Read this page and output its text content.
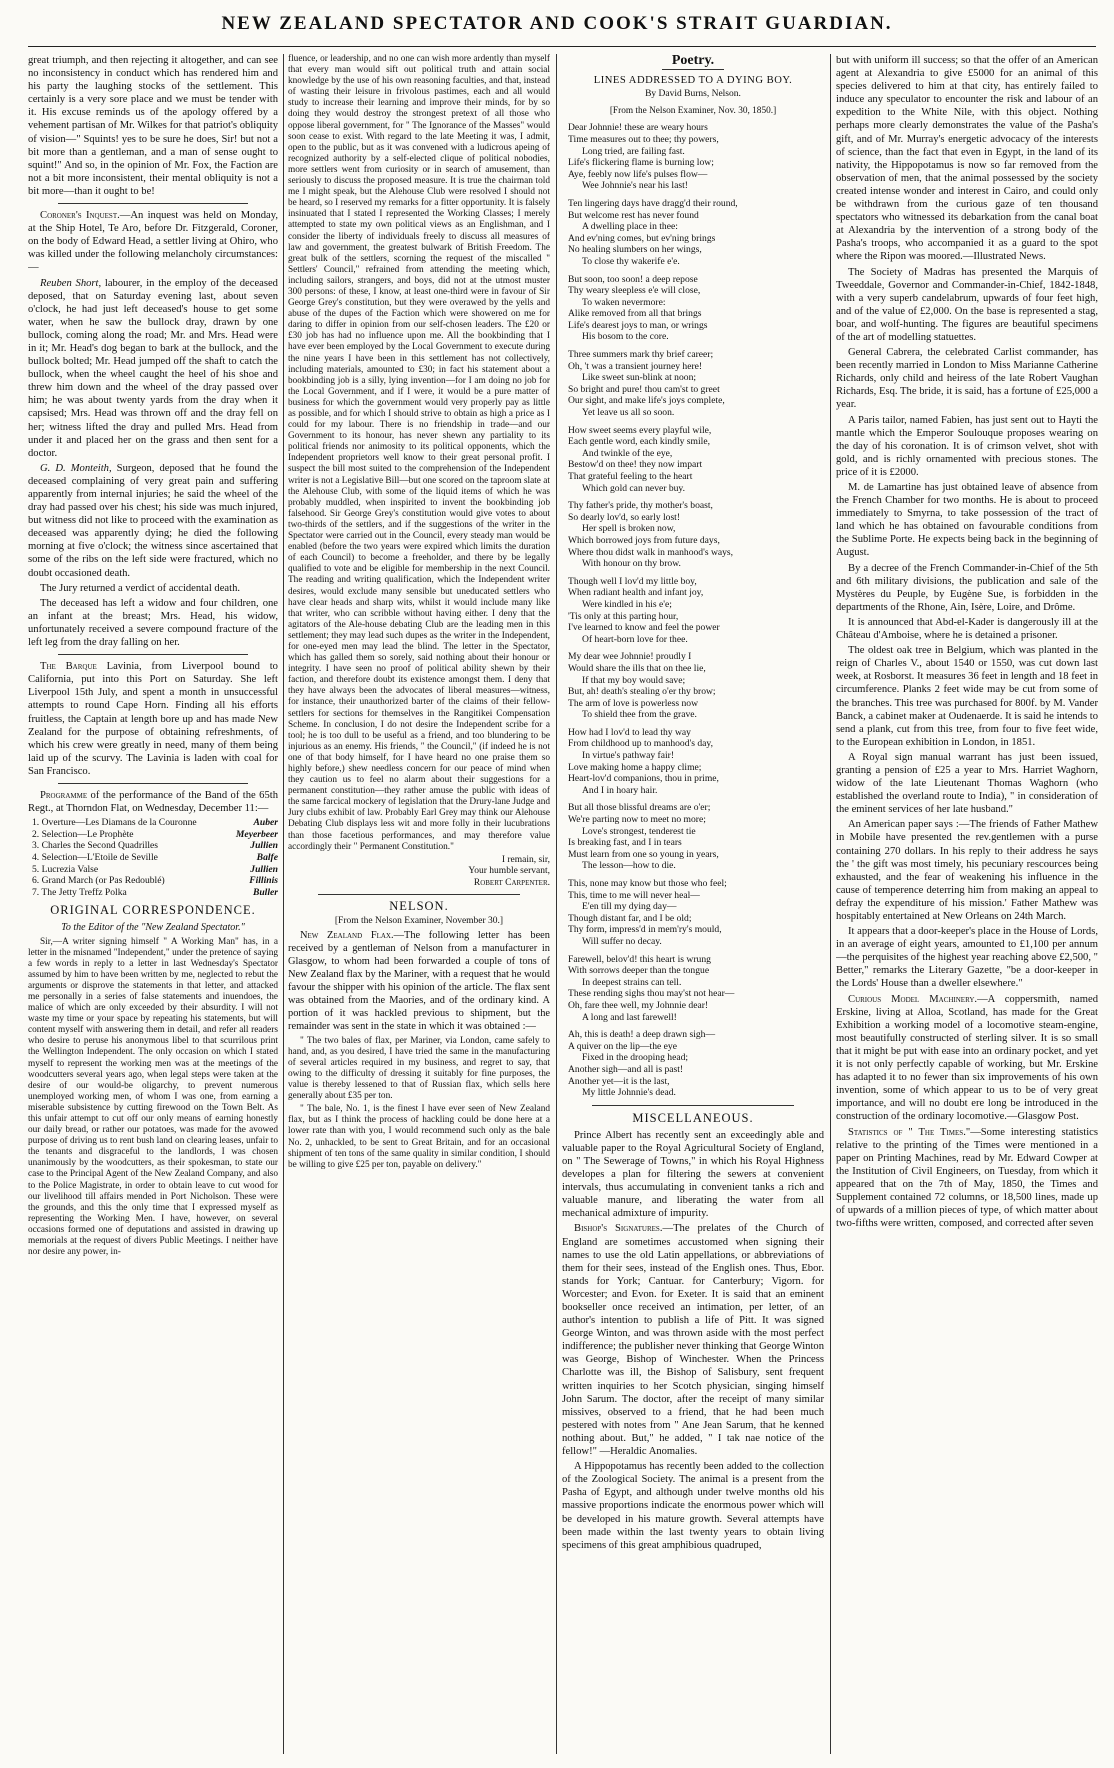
NEW ZEALAND SPECTATOR AND COOK'S STRAIT GUARDIAN.

great triumph, and then rejecting it altogether, and can see no inconsistency in conduct which has rendered him and his party the laughing stocks of the settlement. This certainly is a very sore place and we must be tender with it. His excuse reminds us of the apology offered by a vehement partisan of Mr. Wilkes for that patriot's obliquity of vision—" Squints! yes to be sure he does, Sir! but not a bit more than a gentleman, and a man of sense ought to squint!" And so, in the opinion of Mr. Fox, the Faction are not a bit more inconsistent, their mental obliquity is not a bit more—than it ought to be!

Coroner's Inquest.—An inquest was held on Monday, at the Ship Hotel, Te Aro, before Dr. Fitzgerald, Coroner, on the body of Edward Head, a settler living at Ohiro, who was killed under the following melancholy circumstances:—

Reuben Short, labourer, in the employ of the deceased deposed, that on Saturday evening last, about seven o'clock, he had just left deceased's house to get some water, when he saw the bullock dray, drawn by one bullock, coming along the road; Mr. and Mrs. Head were in it; Mr. Head's dog began to bark at the bullock, and the bullock bolted; Mr. Head jumped off the shaft to catch the bullock, when the wheel caught the heel of his shoe and threw him down and the wheel of the dray passed over him; he was about twenty yards from the dray when it capsised; Mrs. Head was thrown off and the dray fell on her; witness lifted the dray and pulled Mrs. Head from under it and placed her on the grass and then sent for a doctor.

G. D. Monteith, Surgeon, deposed that he found the deceased complaining of very great pain and suffering apparently from internal injuries; he said the wheel of the dray had passed over his chest; his side was much injured, but witness did not like to proceed with the examination as deceased was apparently dying; he died the following morning at five o'clock; the witness since ascertained that some of the ribs on the left side were fractured, which no doubt occasioned death.

The Jury returned a verdict of accidental death.

The deceased has left a widow and four children, one an infant at the breast; Mrs. Head, his widow, unfortunately received a severe compound fracture of the left leg from the dray falling on her.

The Barque Lavinia, from Liverpool bound to California, put into this Port on Saturday. She left Liverpool 15th July, and spent a month in unsuccessful attempts to round Cape Horn. Finding all his efforts fruitless, the Captain at length bore up and has made New Zealand for the purpose of obtaining refreshments, of which his crew were greatly in need, many of them being laid up of the scurvy. The Lavinia is laden with coal for San Francisco.

Programme of the performance of the Band of the 65th Regt., at Thorndon Flat, on Wednesday, December 11:—

1. Overture—Les Diamans de la Couronne	Auber
2. Selection—Le Prophète	Meyerbeer
3. Charles the Second Quadrilles	Jullien
4. Selection—L'Etoile de Seville	Balfe
5. Lucrezia Valse	Jullien
6. Grand March (or Pas Redoublé)	Fillinis
7. The Jetty Treffz Polka	Buller
ORIGINAL CORRESPONDENCE.
To the Editor of the "New Zealand Spectator."

Sir,—A writer signing himself " A Working Man" has, in a letter in the misnamed "Independent," under the pretence of saying a few words in reply to a letter in last Wednesday's Spectator assumed by him to have been written by me, neglected to rebut the arguments or disprove the statements in that letter, and attacked me personally in a series of false statements and inuendoes, the malice of which are only exceeded by their absurdity. I will not waste my time or your space by repeating his statements, but will content myself with answering them in detail, and refer all readers who desire to peruse his anonymous libel to that scurrilous print the Wellington Independent. The only occasion on which I stated myself to represent the working men was at the meetings of the woodcutters several years ago, when legal steps were taken at the desire of our would-be oligarchy, to prevent numerous unemployed working men, of whom I was one, from earning a miserable subsistence by cutting firewood on the Town Belt. As this unfair attempt to cut off our only means of earning honestly our daily bread, or rather our potatoes, was made for the avowed purpose of driving us to rent bush land on clearing leases, unfair to the tenants and disgraceful to the landlords, I was chosen unanimously by the woodcutters, as their spokesman, to state our case to the Principal Agent of the New Zealand Company, and also to the Police Magistrate, in order to obtain leave to cut wood for our livelihood till affairs mended in Port Nicholson. These were the grounds, and this the only time that I expressed myself as representing the Working Men. I have, however, on several occasions formed one of deputations and assisted in drawing up memorials at the request of divers Public Meetings. I neither have nor desire any power, in-

fluence, or leadership, and no one can wish more ardently than myself that every man would sift out political truth and attain social knowledge by the use of his own reasoning faculties, and that, instead of wasting their leisure in frivolous pastimes, each and all would study to increase their learning and improve their minds, for by so doing they would destroy the strongest pretext of all those who oppose liberal government, for " The Ignorance of the Masses" would soon cease to exist. With regard to the late Meeting it was, I admit, open to the public, but as it was convened with a ludicrous apeing of recognized authority by a self-elected clique of political nobodies, more settlers went from curiosity or in search of amusement, than seriously to discuss the proposed measure. It is true the chairman told me I might speak, but the Alehouse Club were resolved I should not be heard, so I reserved my remarks for a fitter opportunity. It is falsely insinuated that I stated I represented the Working Classes; I merely attempted to state my own political views as an Englishman, and I consider the liberty of individuals freely to discuss all measures of law and government, the greatest bulwark of British Freedom. The great bulk of the settlers, scorning the request of the miscalled " Settlers' Council," refrained from attending the meeting which, including sailors, strangers, and boys, did not at the utmost muster 300 persons: of these, I know, at least one-third were in favour of Sir George Grey's constitution, but they were overawed by the yells and abuse of the dupes of the Faction which were showered on me for daring to differ in opinion from our self-chosen leaders. The £20 or £30 job has had no influence upon me. All the bookbinding that I have ever been employed by the Local Government to execute during the nine years I have been in this settlement has not collectively, including materials, amounted to £30; in fact his statement about a bookbinding job is a silly, lying invention—for I am doing no job for the Local Government, and if I were, it would be a pure matter of business for which the government would very properly pay as little as possible, and for which I should strive to obtain as high a price as I could for my labour. There is no friendship in trade—and our Government to its honour, has never shewn any partiality to its political friends nor animosity to its political opponents, which the Independent proprietors well know to their great personal profit. I suspect the bill most suited to the comprehension of the Independent writer is not a Legislative Bill—but one scored on the taproom slate at the Alehouse Club, with some of the liquid items of which he was probably muddled, when inspirited to invent the bookbinding job falsehood. Sir George Grey's constitution would give votes to about two-thirds of the settlers, and if the suggestions of the writer in the Spectator were carried out in the Council, every steady man would be enabled (before the two years were expired which limits the duration of each Council) to become a freeholder, and there by be legally qualified to vote and be eligible for membership in the next Council. The reading and writing qualification, which the Independent writer desires, would exclude many sensible but uneducated settlers who have clear heads and sharp wits, whilst it would include many like that writer, who can scribble without having either. I deny that the agitators of the Ale-house debating Club are the leading men in this settlement; they may lead such dupes as the writer in the Independent, for one-eyed men may lead the blind. The letter in the Spectator, which has galled them so sorely, said nothing about their honour or integrity. I have seen no proof of political ability shewn by their faction, and therefore doubt its existence amongst them. I deny that they have always been the advocates of liberal measures—witness, for instance, their unauthorized barter of the claims of their fellow-settlers for sections for themselves in the Rangitikei Compensation Scheme. In conclusion, I do not desire the Independent scribe for a tool; he is too dull to be useful as a friend, and too blundering to be injurious as an enemy. His friends, " the Council," (if indeed he is not one of that body himself, for I have heard no one praise them so highly before,) shew needless concern for our peace of mind when they caution us to feel no alarm about their suggestions for a permanent constitution—they rather amuse the public with ideas of the same farcical mockery of legislation that the Drury-lane Judge and Jury clubs exhibit of law. Probably Earl Grey may think our Alehouse Debating Club displays less wit and more folly in their lucubrations than those facetious performances, and may therefore value accordingly their " Permanent Constitution."

I remain, sir,
Your humble servant,
Robert Carpenter.
NELSON.
[From the Nelson Examiner, November 30.]

New Zealand Flax.—The following letter has been received by a gentleman of Nelson from a manufacturer in Glasgow, to whom had been forwarded a couple of tons of New Zealand flax by the Mariner, with a request that he would favour the shipper with his opinion of the article. The flax sent was obtained from the Maories, and of the ordinary kind. A portion of it was hackled previous to shipment, but the remainder was sent in the state in which it was obtained :—

" The two bales of flax, per Mariner, via London, came safely to hand, and, as you desired, I have tried the same in the manufacturing of several articles required in my business, and regret to say, that owing to the difficulty of dressing it suitably for fine purposes, the value is thereby lessened to that of Russian flax, which sells here generally about £35 per ton.

" The bale, No. 1, is the finest I have ever seen of New Zealand flax, but as I think the process of hackling could be done here at a lower rate than with you, I would recommend such only as the bale No. 2, unhackled, to be sent to Great Britain, and for an occasional shipment of ten tons of the same quality in similar condition, I should be willing to give £25 per ton, payable on delivery."

Poetry.
LINES ADDRESSED TO A DYING BOY.
By David Burns, Nelson.
[From the Nelson Examiner, Nov. 30, 1850.]
Dear Johnnie! these are weary hours
Time measures out to thee; thy powers,
Long tried, are failing fast.
Life's flickering flame is burning low;
Aye, feebly now life's pulses flow—
Wee Johnnie's near his last!
Ten lingering days have dragg'd their round,
But welcome rest has never found
A dwelling place in thee:
And ev'ning comes, but ev'ning brings
No healing slumbers on her wings,
To close thy wakerife e'e.
But soon, too soon! a deep repose
Thy weary sleepless e'e will close,
To waken nevermore:
Alike removed from all that brings
Life's dearest joys to man, or wrings
His bosom to the core.
Three summers mark thy brief career;
Oh, 't was a transient journey here!
Like sweet sun-blink at noon;
So bright and pure! thou cam'st to greet
Our sight, and make life's joys complete,
Yet leave us all so soon.
How sweet seems every playful wile,
Each gentle word, each kindly smile,
And twinkle of the eye,
Bestow'd on thee! they now impart
That grateful feeling to the heart
Which gold can never buy.
Thy father's pride, thy mother's boast,
So dearly lov'd, so early lost!
Her spell is broken now,
Which borrowed joys from future days,
Where thou didst walk in manhood's ways,
With honour on thy brow.
Though well I lov'd my little boy,
When radiant health and infant joy,
Were kindled in his e'e;
'Tis only at this parting hour,
I've learned to know and feel the power
Of heart-born love for thee.
My dear wee Johnnie! proudly I
Would share the ills that on thee lie,
If that my boy would save;
But, ah! death's stealing o'er thy brow;
The arm of love is powerless now
To shield thee from the grave.
How had I lov'd to lead thy way
From childhood up to manhood's day,
In virtue's pathway fair!
Love making home a happy clime;
Heart-lov'd companions, thou in prime,
And I in hoary hair.
But all those blissful dreams are o'er;
We're parting now to meet no more;
Love's strongest, tenderest tie
Is breaking fast, and I in tears
Must learn from one so young in years,
The lesson—how to die.
This, none may know but those who feel;
This, time to me will never heal—
E'en till my dying day—
Though distant far, and I be old;
Thy form, impress'd in mem'ry's mould,
Will suffer no decay.
Farewell, belov'd! this heart is wrung
With sorrows deeper than the tongue
In deepest strains can tell.
These rending sighs thou may'st not hear—
Oh, fare thee well, my Johnnie dear!
A long and last farewell!
Ah, this is death! a deep drawn sigh—
A quiver on the lip—the eye
Fixed in the drooping head;
Another sigh—and all is past!
Another yet—it is the last,
My little Johnnie's dead.
MISCELLANEOUS.

Prince Albert has recently sent an exceedingly able and valuable paper to the Royal Agricultural Society of England, on " The Sewerage of Towns," in which his Royal Highness developes a plan for filtering the sewers at convenient intervals, thus accumulating in convenient tanks a rich and valuable manure, and liberating the water from all mechanical admixture of impurity.

Bishop's Signatures.—The prelates of the Church of England are sometimes accustomed when signing their names to use the old Latin appellations, or abbreviations of them for their sees, instead of the English ones. Thus, Ebor. stands for York; Cantuar. for Canterbury; Vigorn. for Worcester; and Evon. for Exeter. It is said that an eminent bookseller once received an intimation, per letter, of an author's intention to publish a life of Pitt. It was signed George Winton, and was thrown aside with the most perfect indifference; the publisher never thinking that George Winton was George, Bishop of Winchester. When the Princess Charlotte was ill, the Bishop of Salisbury, sent frequent written inquiries to her Scotch physician, singing himself John Sarum. The doctor, after the receipt of many similar missives, observed to a friend, that he had been much pestered with notes from " Ane Jean Sarum, that he kenned nothing about. But," he added, " I tak nae notice of the fellow!" —Heraldic Anomalies.

A Hippopotamus has recently been added to the collection of the Zoological Society. The animal is a present from the Pasha of Egypt, and although under twelve months old his massive proportions indicate the enormous power which will be developed in his mature growth. Several attempts have been made within the last twenty years to obtain living specimens of this great amphibious quadruped,

but with uniform ill success; so that the offer of an American agent at Alexandria to give £5000 for an animal of this species delivered to him at that city, has entirely failed to induce any speculator to encounter the risk and labour of an expedition to the White Nile, with this object. Nothing perhaps more clearly demonstrates the value of the Pasha's gift, and of Mr. Murray's energetic advocacy of the interests of science, than the fact that even in Egypt, in the land of its nativity, the Hippopotamus is now so far removed from the observation of men, that the animal possessed by the society created intense wonder and interest in Cairo, and could only be withdrawn from the curious gaze of ten thousand spectators who witnessed its debarkation from the canal boat at Alexandria by the intervention of a strong body of the Pasha's troops, who accompanied it as a guard to the spot where the Ripon was moored.—Illustrated News.

The Society of Madras has presented the Marquis of Tweeddale, Governor and Commander-in-Chief, 1842-1848, with a very superb candelabrum, upwards of four feet high, and of the value of £2,000. On the base is represented a stag, boar, and wolf-hunting. The figures are beautiful specimens of the art of modelling statuettes.

General Cabrera, the celebrated Carlist commander, has been recently married in London to Miss Marianne Catherine Richards, only child and heiress of the late Robert Vaughan Richards, Esq. The bride, it is said, has a fortune of £25,000 a year.

A Paris tailor, named Fabien, has just sent out to Hayti the mantle which the Emperor Soulouque proposes wearing on the day of his coronation. It is of crimson velvet, shot with gold, and is richly ornamented with precious stones. The price of it is £2000.

M. de Lamartine has just obtained leave of absence from the French Chamber for two months. He is about to proceed immediately to Smyrna, to take possession of the tract of land which he has obtained on favourable conditions from the Sublime Porte. He expects being back in the beginning of August.

By a decree of the French Commander-in-Chief of the 5th and 6th military divisions, the publication and sale of the Mystères du Peuple, by Eugène Sue, is forbidden in the departments of the Rhone, Ain, Isère, Loire, and Drôme.

It is announced that Abd-el-Kader is dangerously ill at the Château d'Amboise, where he is detained a prisoner.

The oldest oak tree in Belgium, which was planted in the reign of Charles V., about 1540 or 1550, was cut down last week, at Rosborst. It measures 36 feet in length and 18 feet in circumference. Planks 2 feet wide may be cut from some of the branches. This tree was purchased for 800f. by M. Vander Banck, a cabinet maker at Oudenaerde. It is said he intends to send a plank, cut from this tree, from four to five feet wide, to the European exhibition in London, in 1851.

A Royal sign manual warrant has just been issued, granting a pension of £25 a year to Mrs. Harriet Waghorn, widow of the late Lieutenant Thomas Waghorn (who established the overland route to India), " in consideration of the eminent services of her late husband."

An American paper says :—The friends of Father Mathew in Mobile have presented the rev.gentlemen with a purse containing 270 dollars. In his reply to their address he says the ' the gift was most timely, his pecuniary rescources being exhausted, and the fear of weakening his influence in the cause of temperence deterring him from making an appeal to defray the expenditure of his mission.' Father Mathew was hospitably entertained at New Orleans on 24th March.

It appears that a door-keeper's place in the House of Lords, in an average of eight years, amounted to £1,100 per annum—the perquisites of the highest year reaching above £2,500, " Better," remarks the Literary Gazette, "be a door-keeper in the Lords' House than a dweller elsewhere."

Curious Model Machinery.—A coppersmith, named Erskine, living at Alloa, Scotland, has made for the Great Exhibition a working model of a locomotive steam-engine, most beautifully constructed of sterling silver. It is so small that it might be put with ease into an ordinary pocket, and yet it is not only perfectly capable of working, but Mr. Erskine has adapted it to no fewer than six improvements of his own invention, some of which appear to us to be of very great importance, and will no doubt ere long be introduced in the construction of the ordinary locomotive.—Glasgow Post.

Statistics of " The Times."—Some interesting statistics relative to the printing of the Times were mentioned in a paper on Printing Machines, read by Mr. Edward Cowper at the Institution of Civil Engineers, on Tuesday, from which it appeared that on the 7th of May, 1850, the Times and Supplement contained 72 columns, or 18,500 lines, made up of upwards of a million pieces of type, of which matter about two-fifths were written, composed, and corrected after seven
